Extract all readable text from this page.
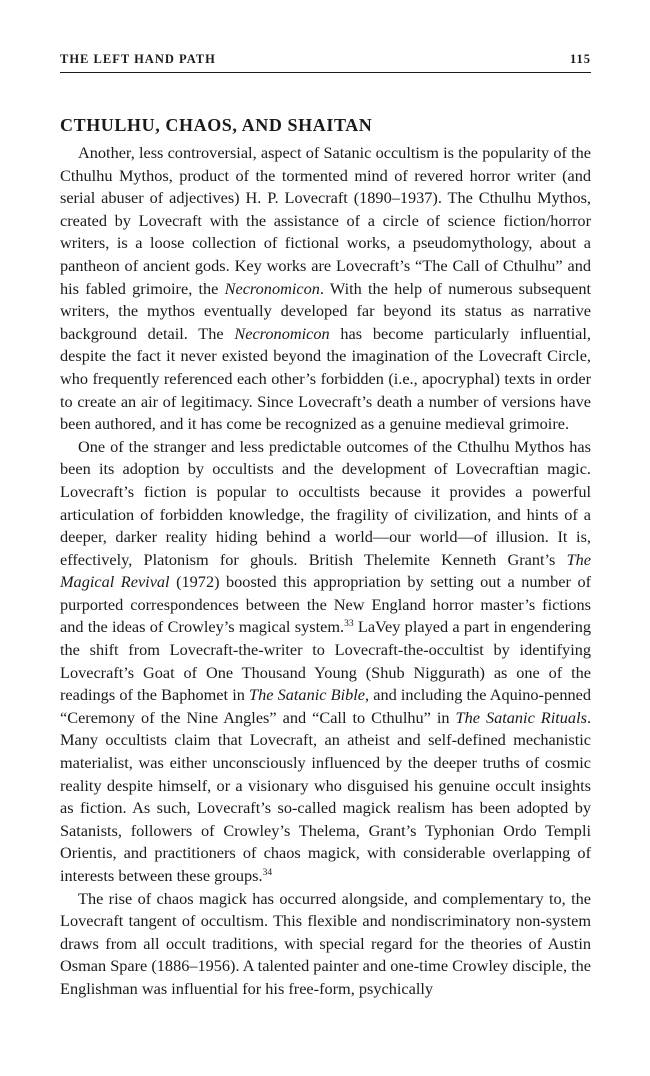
THE LEFT HAND PATH	115
CTHULHU, CHAOS, AND SHAITAN

Another, less controversial, aspect of Satanic occultism is the popularity of the Cthulhu Mythos, product of the tormented mind of revered horror writer (and serial abuser of adjectives) H. P. Lovecraft (1890–1937). The Cthulhu Mythos, created by Lovecraft with the assistance of a circle of science fiction/​horror writers, is a loose collection of fictional works, a pseudomythology, about a pantheon of ancient gods. Key works are Lovecraft’s “The Call of Cthulhu” and his fabled grimoire, the Necronomicon. With the help of numerous subsequent writers, the mythos eventually developed far beyond its status as narrative background detail. The Necronomicon has become particularly influential, despite the fact it never existed beyond the imagination of the Lovecraft Circle, who frequently referenced each other’s forbidden (i.e., apocryphal) texts in order to create an air of legitimacy. Since Lovecraft’s death a number of versions have been authored, and it has come be recognized as a genuine medieval grimoire.

One of the stranger and less predictable outcomes of the Cthulhu Mythos has been its adoption by occultists and the development of Lovecraftian magic. Lovecraft’s fiction is popular to occultists because it provides a powerful articulation of forbidden knowledge, the fragility of civilization, and hints of a deeper, darker reality hiding behind a world—our world—of illusion. It is, effectively, Platonism for ghouls. British Thelemite Kenneth Grant’s The Magical Revival (1972) boosted this appropriation by setting out a number of purported correspondences between the New England horror master’s fictions and the ideas of Crowley’s magical system.$^{33}$ LaVey played a part in engendering the shift from Lovecraft-the-writer to Lovecraft-the-occultist by identifying Lovecraft’s Goat of One Thousand Young (Shub Niggurath) as one of the readings of the Baphomet in The Satanic Bible, and including the Aquino-penned “Ceremony of the Nine Angles” and “Call to Cthulhu” in The Satanic Rituals. Many occultists claim that Lovecraft, an atheist and self-defined mechanistic materialist, was either unconsciously influenced by the deeper truths of cosmic reality despite himself, or a visionary who disguised his genuine occult insights as fiction. As such, Lovecraft’s so-called magick realism has been adopted by Satanists, followers of Crowley’s Thelema, Grant’s Typhonian Ordo Templi Orientis, and practitioners of chaos magick, with considerable overlapping of interests between these groups.$^{34}$

The rise of chaos magick has occurred alongside, and complementary to, the Lovecraft tangent of occultism. This flexible and nondiscriminatory non-system draws from all occult traditions, with special regard for the theories of Austin Osman Spare (1886–1956). A talented painter and one-time Crowley disciple, the Englishman was influential for his free-form, psychically
